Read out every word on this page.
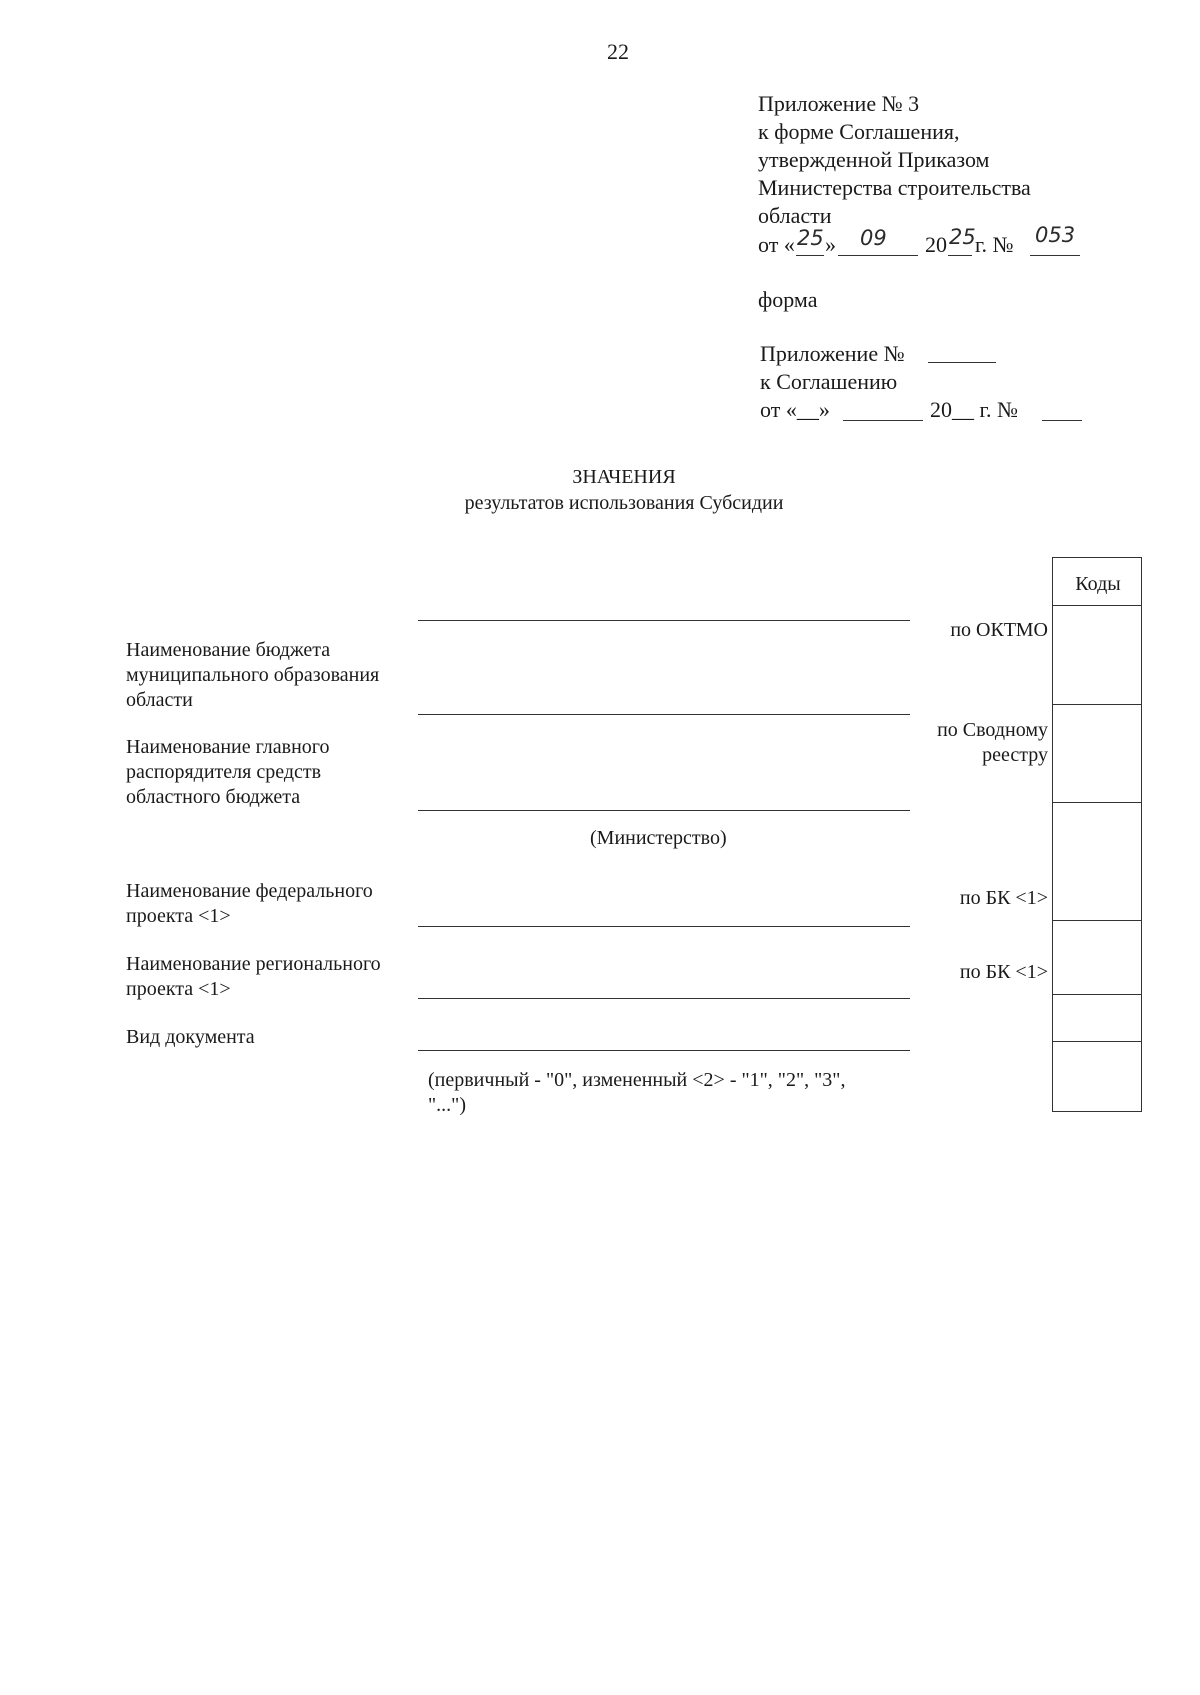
22
Приложение № 3
к форме Соглашения,
утвержденной Приказом
Министерства строительства
области
от « 25 » 09 20 25 г. № 053
форма
Приложение №
к Соглашению
от «__»	20__ г. №
ЗНАЧЕНИЯ
результатов использования Субсидии
Коды
Наименование бюджета
муниципального образования
области
Наименование главного
распорядителя средств
областного бюджета
(Министерство)
Наименование федерального
проекта <1>
Наименование регионального
проекта <1>
Вид документа
(первичный - "0", измененный <2> - "1", "2", "3",
"...")
по ОКТМО
по Сводному
реестру
по БК <1>
по БК <1>
